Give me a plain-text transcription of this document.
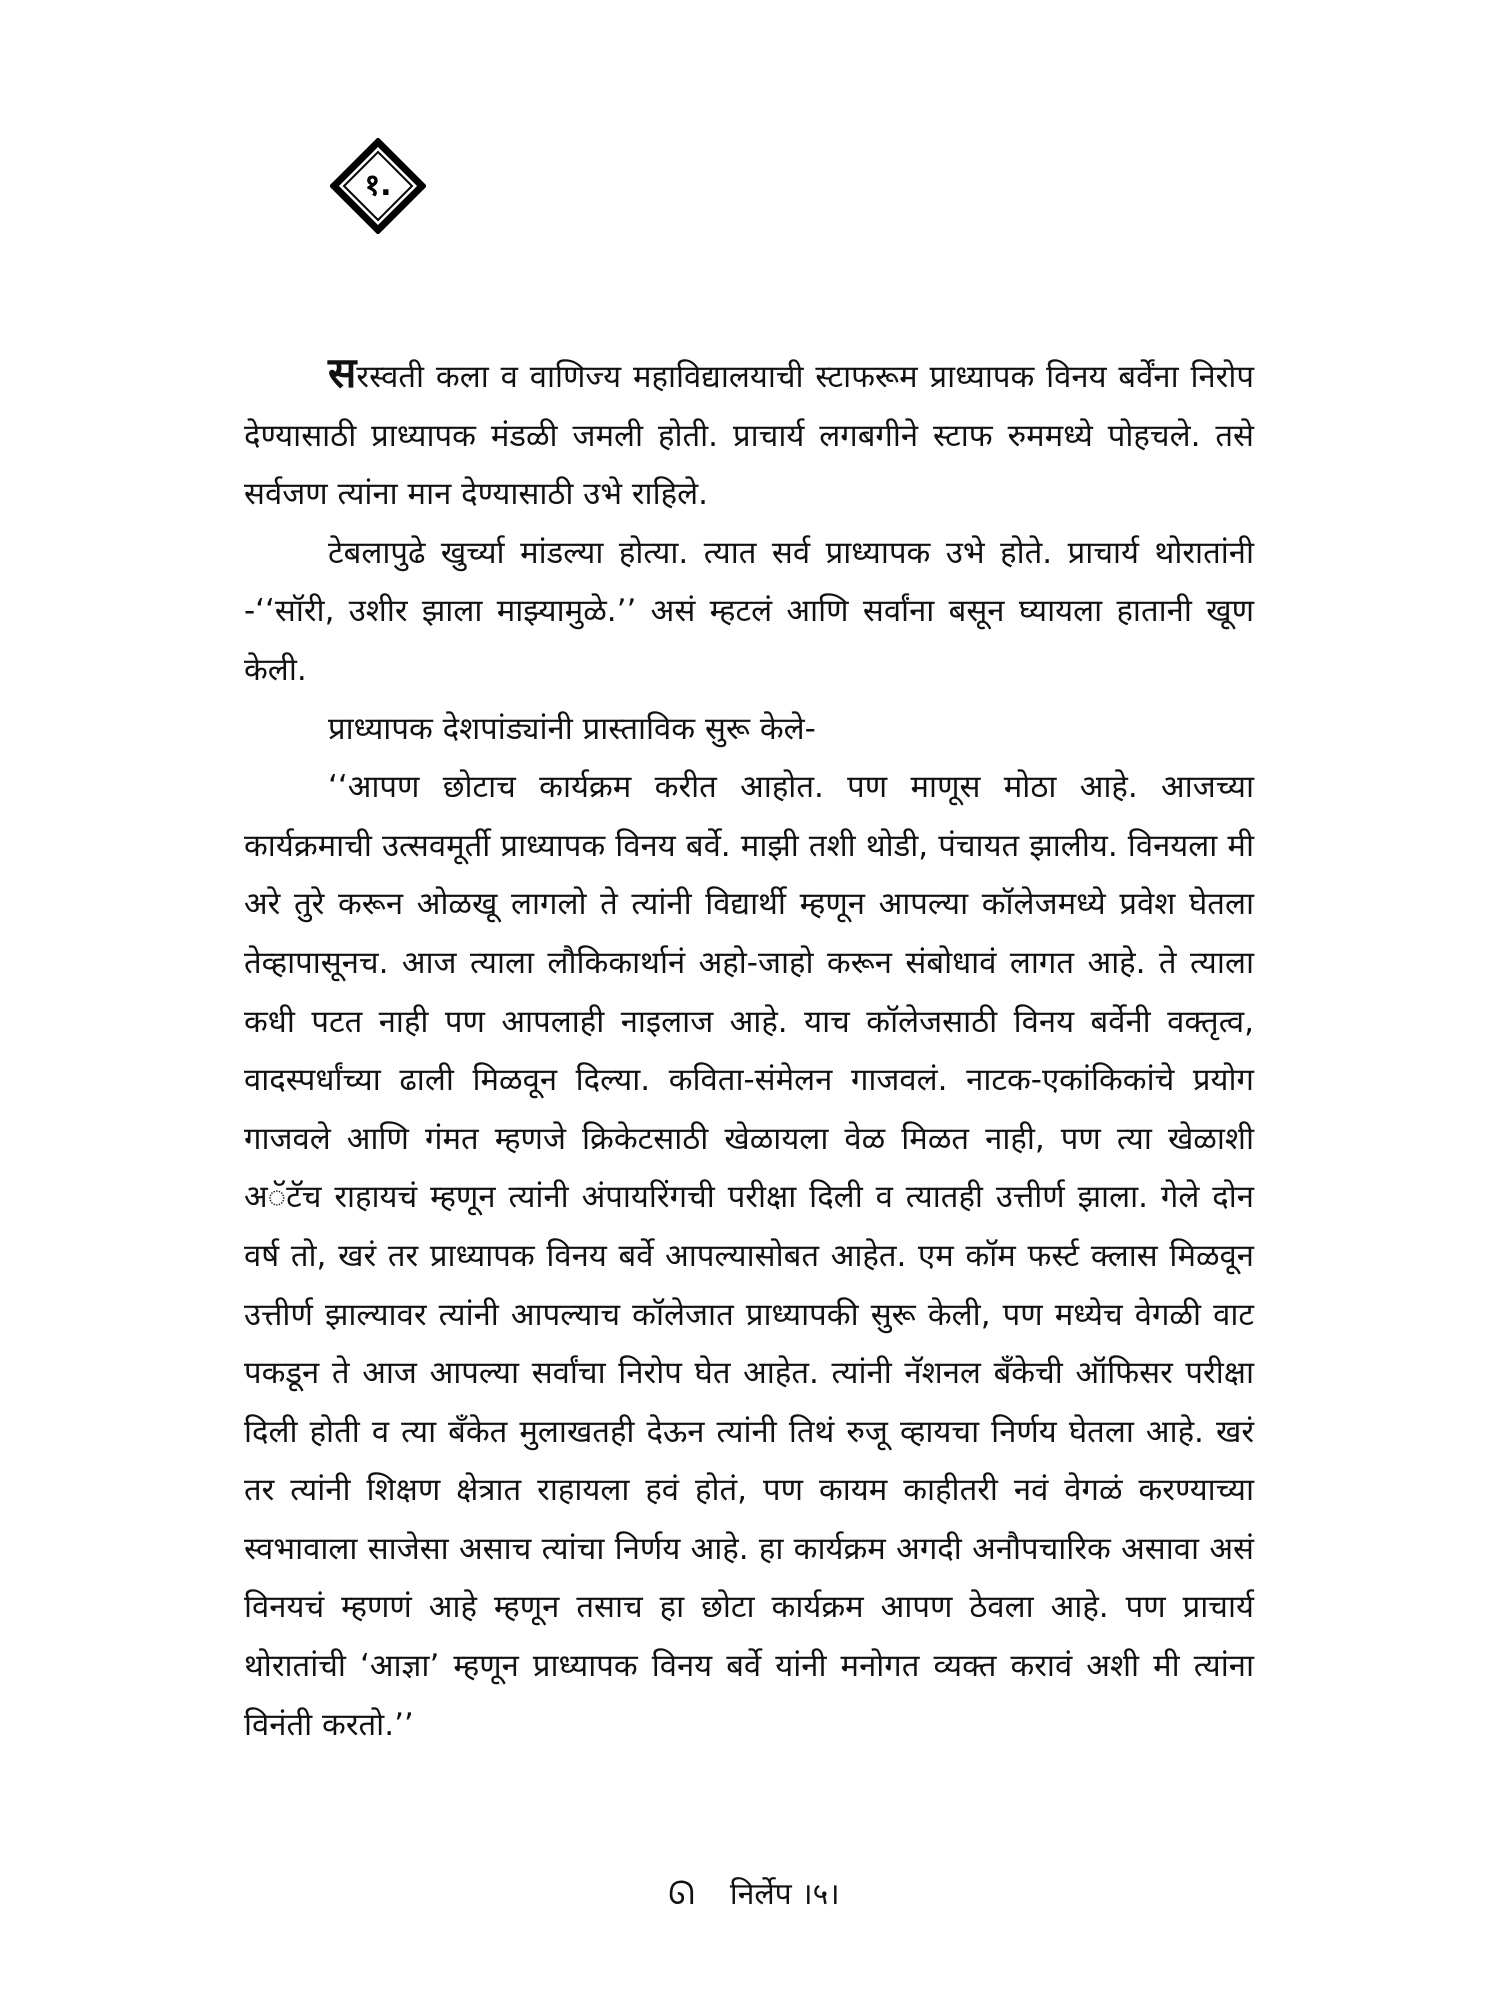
१.

सरस्वती कला व वाणिज्य महाविद्यालयाची स्टाफरूम प्राध्यापक विनय बर्वेंना निरोप देण्यासाठी प्राध्यापक मंडळी जमली होती. प्राचार्य लगबगीने स्टाफ रुममध्ये पोहचले. तसे सर्वजण त्यांना मान देण्यासाठी उभे राहिले.

टेबलापुढे खुर्च्या मांडल्या होत्या. त्यात सर्व प्राध्यापक उभे होते. प्राचार्य थोरातांनी -‘‘सॉरी, उशीर झाला माझ्यामुळे.’’ असं म्हटलं आणि सर्वांना बसून घ्यायला हातानी खूण केली.

प्राध्यापक देशपांड्यांनी प्रास्ताविक सुरू केले-

‘‘आपण छोटाच कार्यक्रम करीत आहोत. पण माणूस मोठा आहे. आजच्या कार्यक्रमाची उत्सवमूर्ती प्राध्यापक विनय बर्वे. माझी तशी थोडी, पंचायत झालीय. विनयला मी अरे तुरे करून ओळखू लागलो ते त्यांनी विद्यार्थी म्हणून आपल्या कॉलेजमध्ये प्रवेश घेतला तेव्हापासूनच. आज त्याला लौकिकार्थानं अहो-जाहो करून संबोधावं लागत आहे. ते त्याला कधी पटत नाही पण आपलाही नाइलाज आहे. याच कॉलेजसाठी विनय बर्वेनी वक्तृत्व, वादस्पर्धांच्या ढाली मिळवून दिल्या. कविता-संमेलन गाजवलं. नाटक-एकांकिकांचे प्रयोग गाजवले आणि गंमत म्हणजे क्रिकेटसाठी खेळायला वेळ मिळत नाही, पण त्या खेळाशी अॅटॅच राहायचं म्हणून त्यांनी अंपायरिंगची परीक्षा दिली व त्यातही उत्तीर्ण झाला. गेले दोन वर्ष तो, खरं तर प्राध्यापक विनय बर्वे आपल्यासोबत आहेत. एम कॉम फर्स्ट क्लास मिळवून उत्तीर्ण झाल्यावर त्यांनी आपल्याच कॉलेजात प्राध्यापकी सुरू केली, पण मध्येच वेगळी वाट पकडून ते आज आपल्या सर्वांचा निरोप घेत आहेत. त्यांनी नॅशनल बँकेची ऑफिसर परीक्षा दिली होती व त्या बँकेत मुलाखतही देऊन त्यांनी तिथं रुजू व्हायचा निर्णय घेतला आहे. खरं तर त्यांनी शिक्षण क्षेत्रात राहायला हवं होतं, पण कायम काहीतरी नवं वेगळं करण्याच्या स्वभावाला साजेसा असाच त्यांचा निर्णय आहे. हा कार्यक्रम अगदी अनौपचारिक असावा असं विनयचं म्हणणं आहे म्हणून तसाच हा छोटा कार्यक्रम आपण ठेवला आहे. पण प्राचार्य थोरातांची ‘आज्ञा’ म्हणून प्राध्यापक विनय बर्वे यांनी मनोगत व्यक्त करावं अशी मी त्यांना विनंती करतो.’’

ᘏ निर्लेप ।५।
